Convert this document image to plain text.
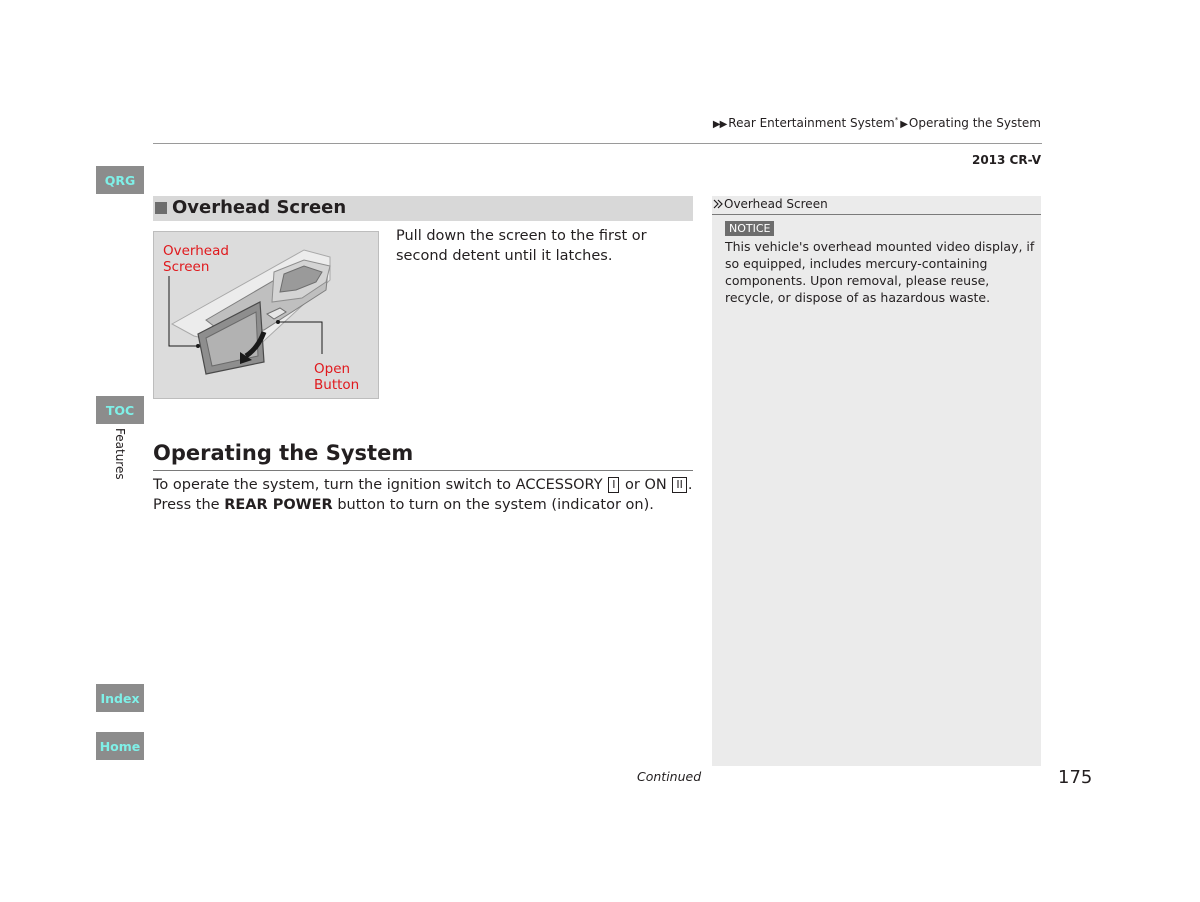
▶▶ Rear Entertainment System* ▶ Operating the System
2013 CR-V
QRG
TOC
Features
Index
Home
Overhead Screen
Overhead
Screen
Open
Button
Pull down the screen to the first or second detent until it latches.
Operating the System
To operate the system, turn the ignition switch to ACCESSORY I or ON II . Press the REAR POWER button to turn on the system (indicator on).
Overhead Screen
NOTICE
This vehicle's overhead mounted video display, if so equipped, includes mercury-containing components. Upon removal, please reuse, recycle, or dispose of as hazardous waste.
Continued	175
